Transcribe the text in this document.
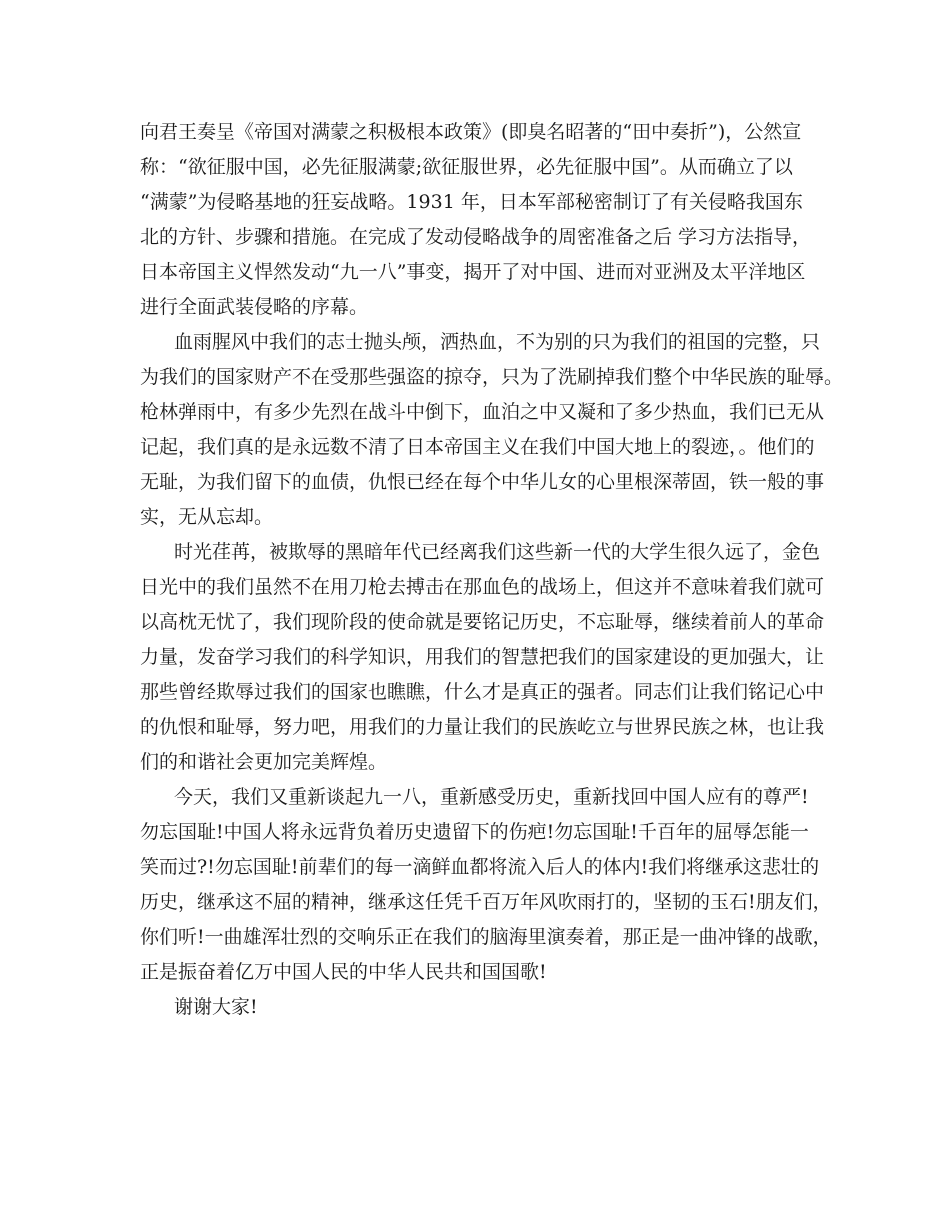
向君王奏呈《帝国对满蒙之积极根本政策》(即臭名昭著的“田中奏折”)，公然宣
称：“欲征服中国，必先征服满蒙;欲征服世界，必先征服中国”。从而确立了以
“满蒙”为侵略基地的狂妄战略。1931 年，日本军部秘密制订了有关侵略我国东
北的方针、步骤和措施。在完成了发动侵略战争的周密准备之后 学习方法指导，
日本帝国主义悍然发动“九一八”事变，揭开了对中国、进而对亚洲及太平洋地区
进行全面武装侵略的序幕。
血雨腥风中我们的志士抛头颅，洒热血，不为别的只为我们的祖国的完整，只
为我们的国家财产不在受那些强盗的掠夺，只为了洗刷掉我们整个中华民族的耻辱。
枪林弹雨中，有多少先烈在战斗中倒下，血泊之中又凝和了多少热血，我们已无从
记起，我们真的是永远数不清了日本帝国主义在我们中国大地上的裂迹，。他们的
无耻，为我们留下的血债，仇恨已经在每个中华儿女的心里根深蒂固，铁一般的事
实，无从忘却。
时光荏苒，被欺辱的黑暗年代已经离我们这些新一代的大学生很久远了，金色
日光中的我们虽然不在用刀枪去搏击在那血色的战场上，但这并不意味着我们就可
以高枕无忧了，我们现阶段的使命就是要铭记历史，不忘耻辱，继续着前人的革命
力量，发奋学习我们的科学知识，用我们的智慧把我们的国家建设的更加强大，让
那些曾经欺辱过我们的国家也瞧瞧，什么才是真正的强者。同志们让我们铭记心中
的仇恨和耻辱，努力吧，用我们的力量让我们的民族屹立与世界民族之林，也让我
们的和谐社会更加完美辉煌。
今天，我们又重新谈起九一八，重新感受历史，重新找回中国人应有的尊严!
勿忘国耻!中国人将永远背负着历史遗留下的伤疤!勿忘国耻!千百年的屈辱怎能一
笑而过?!勿忘国耻!前辈们的每一滴鲜血都将流入后人的体内!我们将继承这悲壮的
历史，继承这不屈的精神，继承这任凭千百万年风吹雨打的，坚韧的玉石!朋友们，
你们听!一曲雄浑壮烈的交响乐正在我们的脑海里演奏着，那正是一曲冲锋的战歌，
正是振奋着亿万中国人民的中华人民共和国国歌!
谢谢大家!
